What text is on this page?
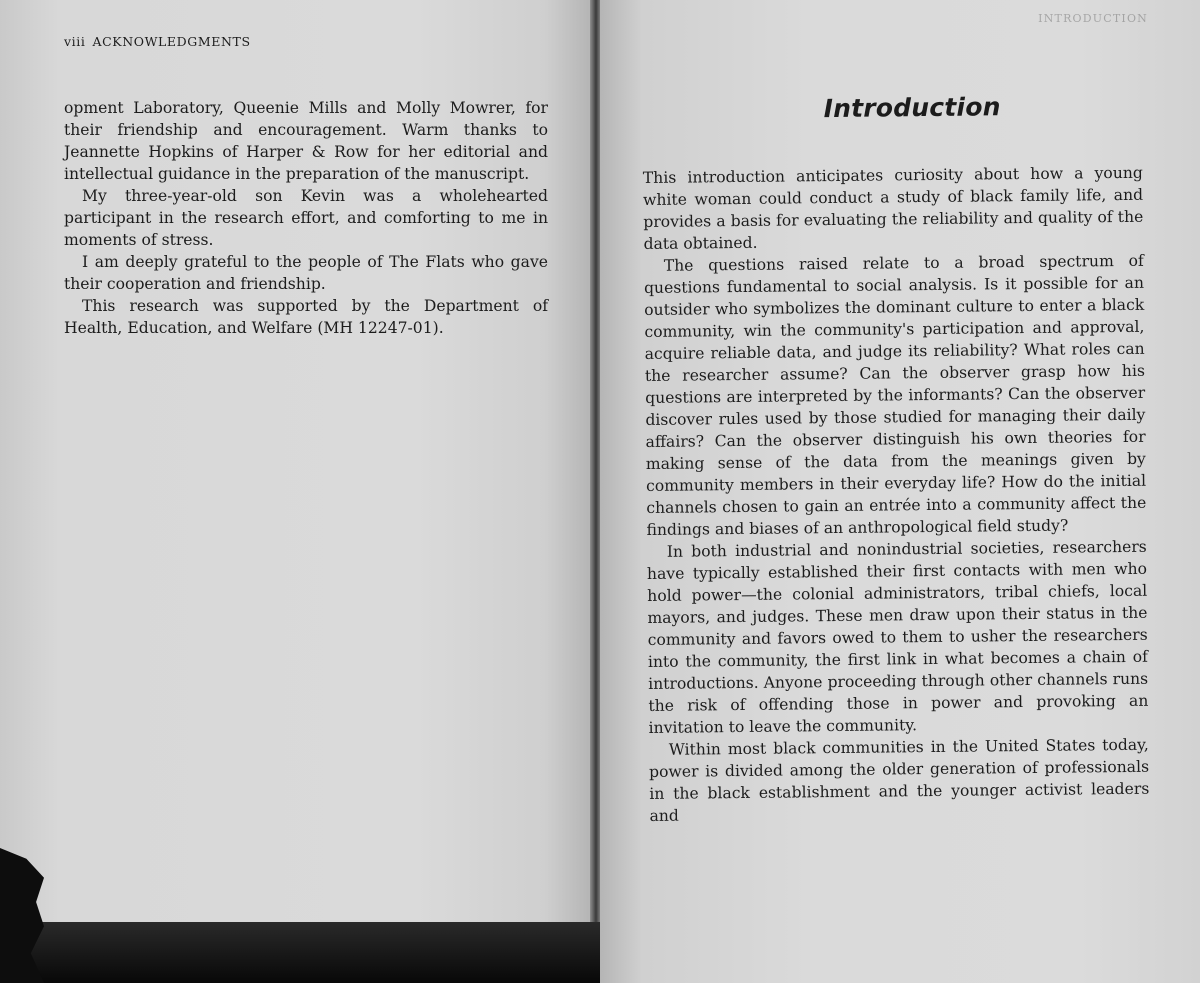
viii ACKNOWLEDGMENTS

opment Laboratory, Queenie Mills and Molly Mowrer, for their friendship and encouragement. Warm thanks to Jeannette Hopkins of Harper & Row for her editorial and intellectual guidance in the preparation of the manuscript.

My three-year-old son Kevin was a wholehearted participant in the research effort, and comforting to me in moments of stress.

I am deeply grateful to the people of The Flats who gave their cooperation and friendship.

This research was supported by the Department of Health, Education, and Welfare (MH 12247-01).

INTRODUCTION
Introduction

This introduction anticipates curiosity about how a young white woman could conduct a study of black family life, and provides a basis for evaluating the reliability and quality of the data obtained.

The questions raised relate to a broad spectrum of questions fundamental to social analysis. Is it possible for an outsider who symbolizes the dominant culture to enter a black community, win the community's participation and approval, acquire reliable data, and judge its reliability? What roles can the researcher assume? Can the observer grasp how his questions are interpreted by the informants? Can the observer discover rules used by those studied for managing their daily affairs? Can the observer distinguish his own theories for making sense of the data from the meanings given by community members in their everyday life? How do the initial channels chosen to gain an entrée into a community affect the findings and biases of an anthropological field study?

In both industrial and nonindustrial societies, researchers have typically established their first contacts with men who hold power—the colonial administrators, tribal chiefs, local mayors, and judges. These men draw upon their status in the community and favors owed to them to usher the researchers into the community, the first link in what becomes a chain of introductions. Anyone proceeding through other channels runs the risk of offending those in power and provoking an invitation to leave the community.

Within most black communities in the United States today, power is divided among the older generation of professionals in the black establishment and the younger activist leaders and
